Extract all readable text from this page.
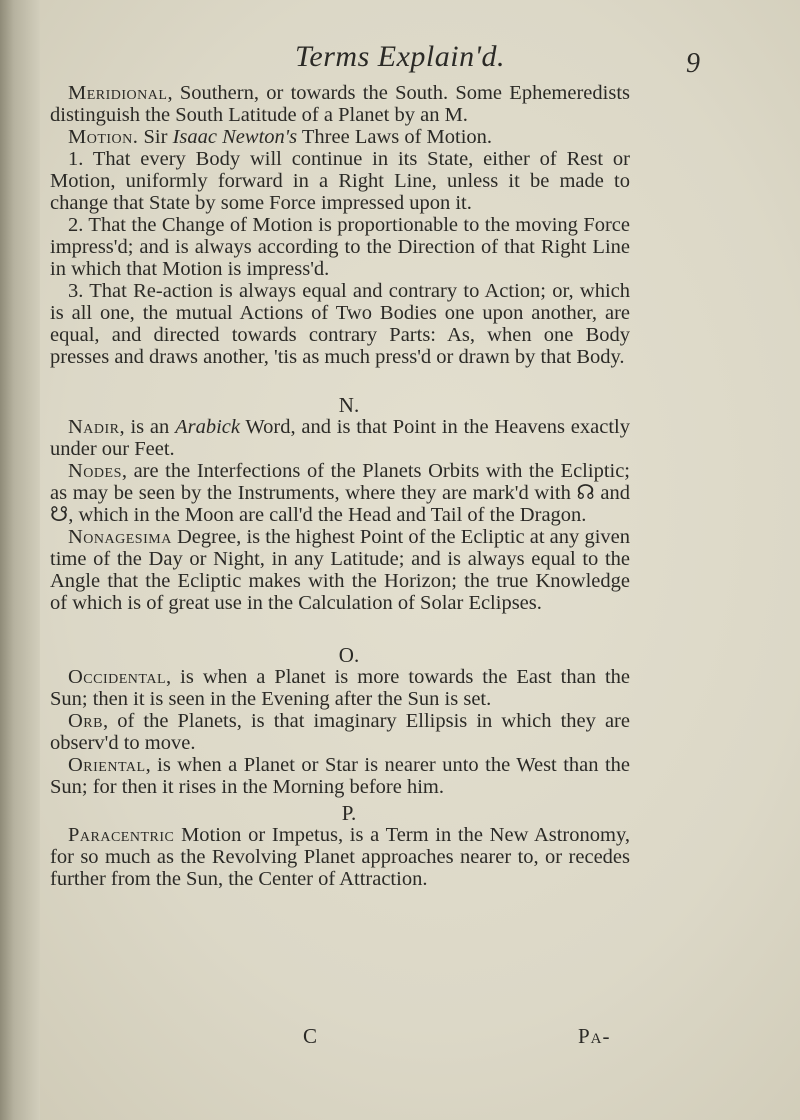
Terms Explain'd.	9

Meridional, Southern, or towards the South. Some Ephemeredists distinguish the South Latitude of a Planet by an M.

Motion. Sir Isaac Newton's Three Laws of Motion.

1. That every Body will continue in its State, either of Rest or Motion, uniformly forward in a Right Line, unless it be made to change that State by some Force impressed upon it.

2. That the Change of Motion is proportionable to the moving Force impress'd; and is always according to the Direction of that Right Line in which that Motion is impress'd.

3. That Re-action is always equal and contrary to Action; or, which is all one, the mutual Actions of Two Bodies one upon another, are equal, and directed towards contrary Parts: As, when one Body presses and draws another, 'tis as much press'd or drawn by that Body.

N.

Nadir, is an Arabick Word, and is that Point in the Heavens exactly under our Feet.

Nodes, are the Interfections of the Planets Orbits with the Ecliptic; as may be seen by the Instruments, where they are mark'd with ☊ and ☋, which in the Moon are call'd the Head and Tail of the Dragon.

Nonagesima Degree, is the highest Point of the Ecliptic at any given time of the Day or Night, in any Latitude; and is always equal to the Angle that the Ecliptic makes with the Horizon; the true Knowledge of which is of great use in the Calculation of Solar Eclipses.

O.

Occidental, is when a Planet is more towards the East than the Sun; then it is seen in the Evening after the Sun is set.

Orb, of the Planets, is that imaginary Ellipsis in which they are observ'd to move.

Oriental, is when a Planet or Star is nearer unto the West than the Sun; for then it rises in the Morning before him.

P.

Paracentric Motion or Impetus, is a Term in the New Astronomy, for so much as the Revolving Planet approaches nearer to, or recedes further from the Sun, the Center of Attraction.

C	Pa-
